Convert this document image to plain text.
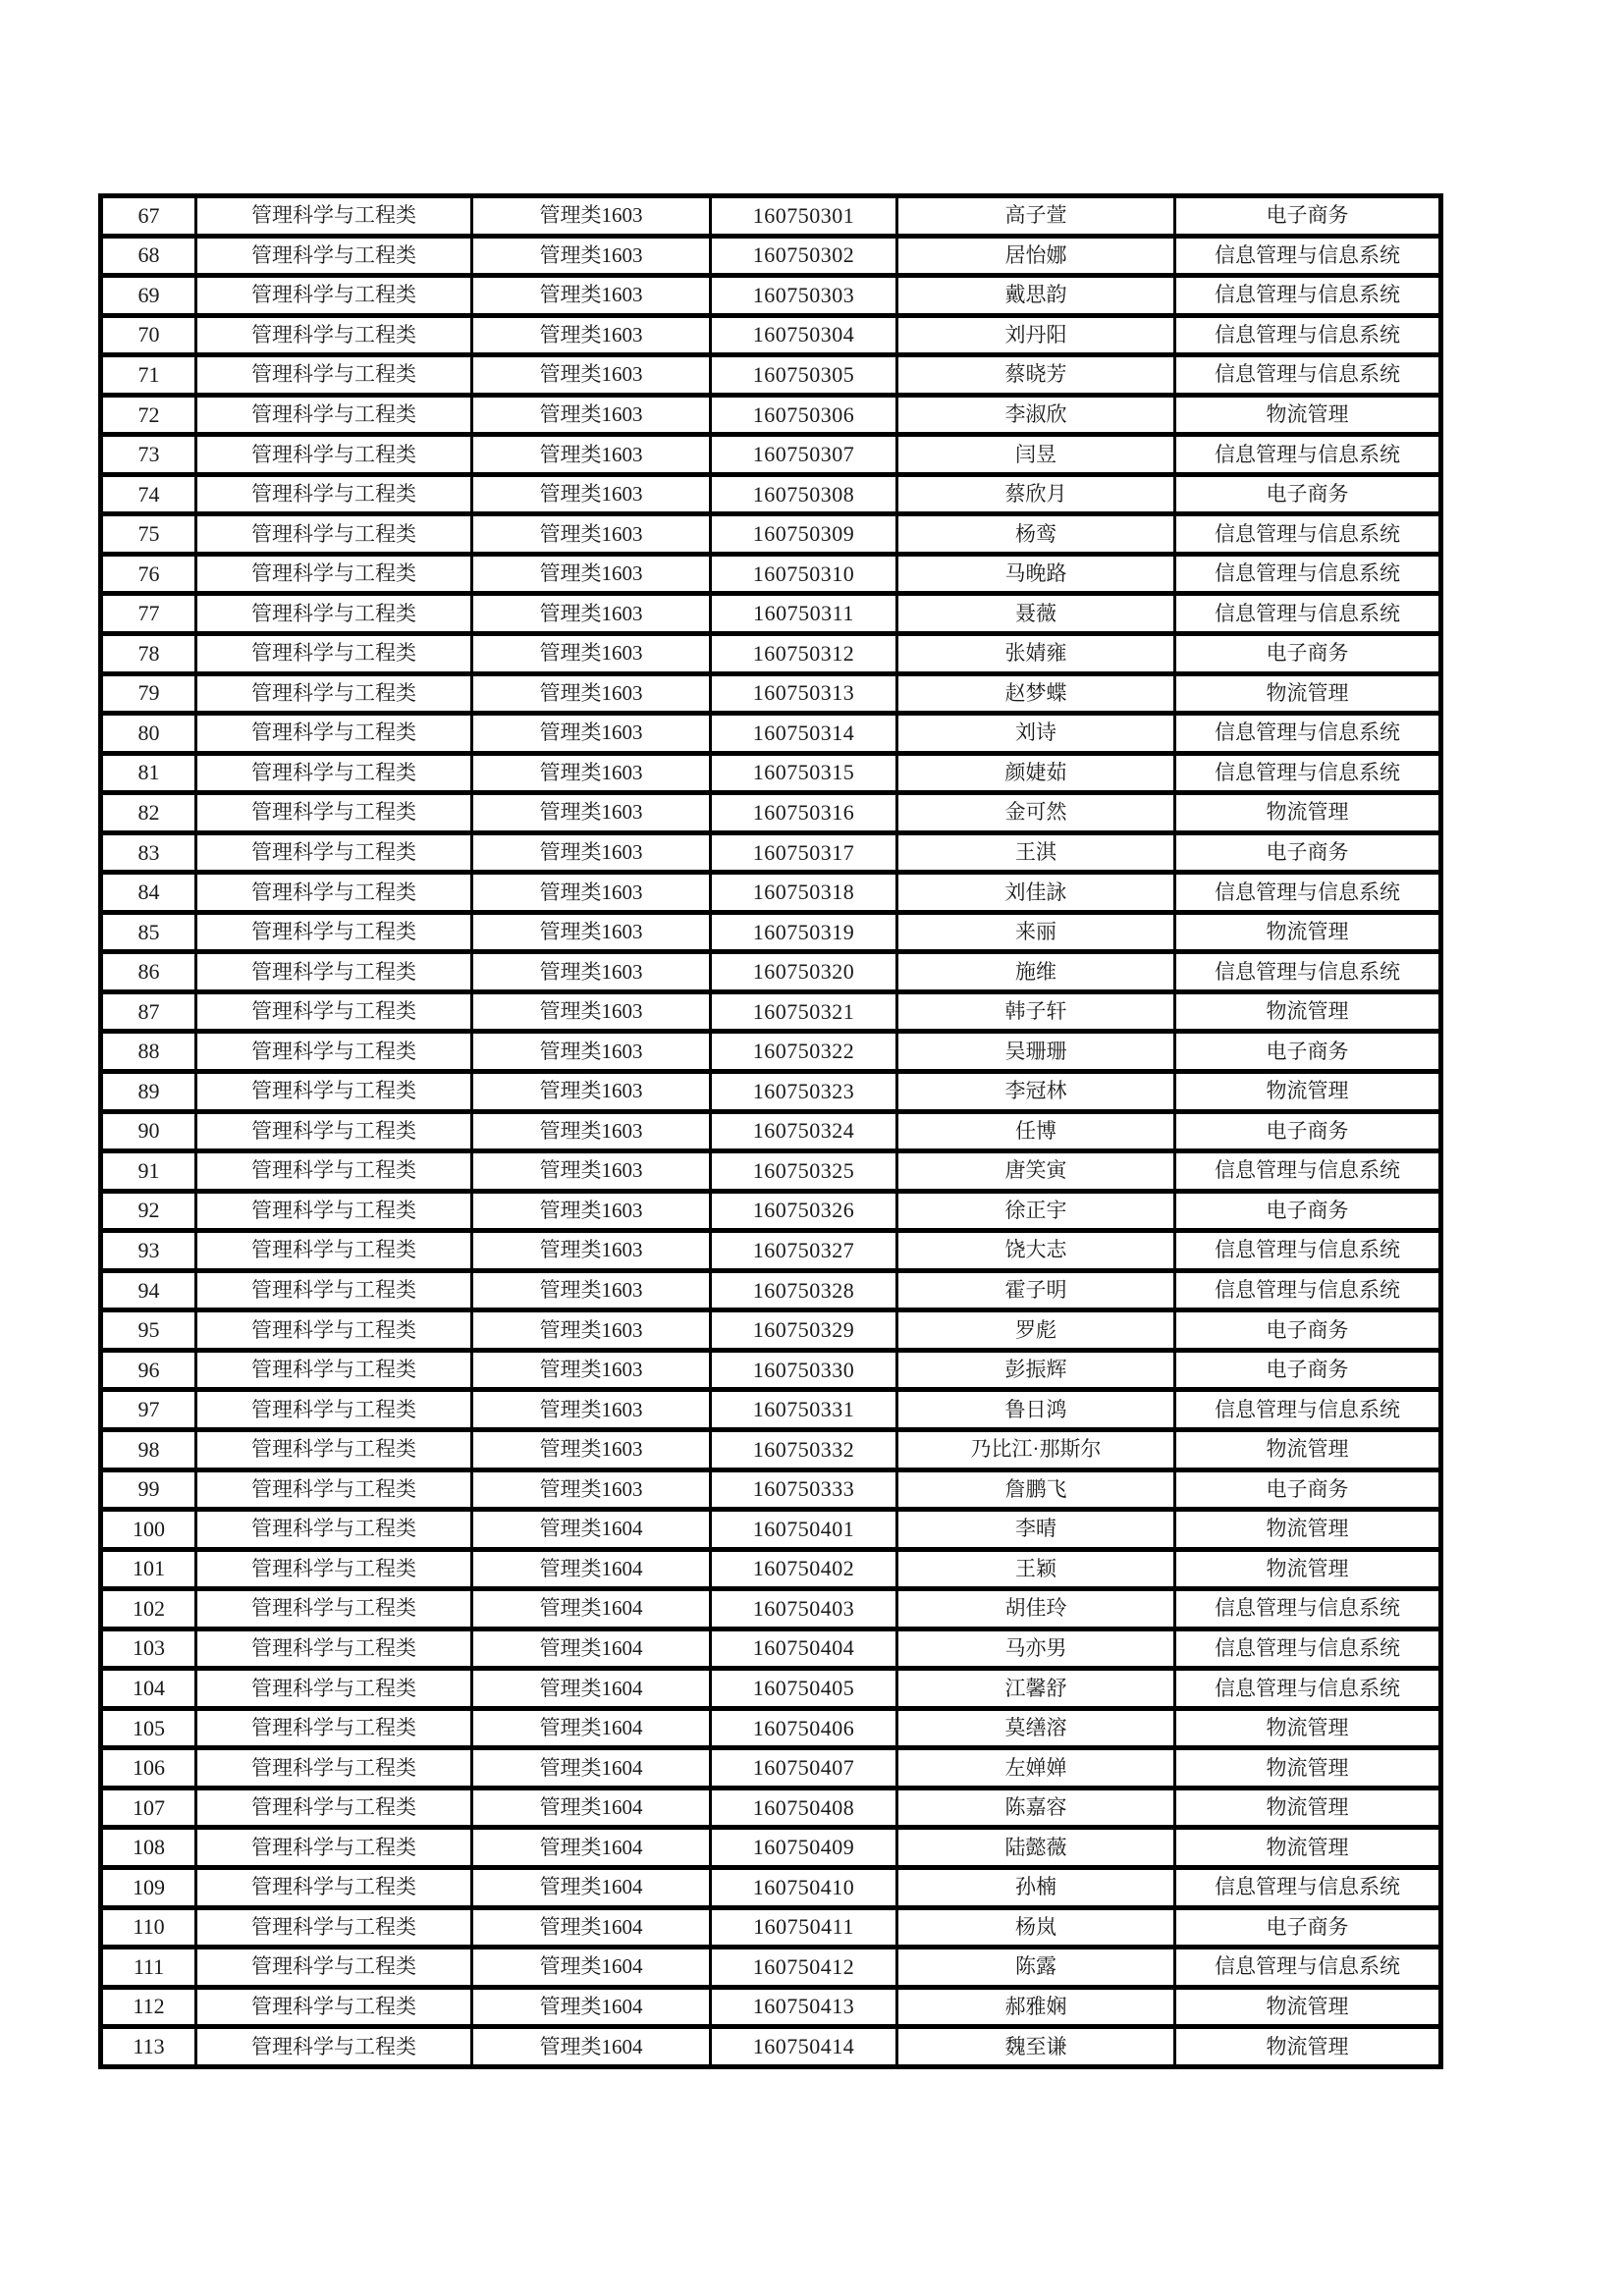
67	管理科学与工程类	管理类1603	160750301	高子萱	电子商务
68	管理科学与工程类	管理类1603	160750302	居怡娜	信息管理与信息系统
69	管理科学与工程类	管理类1603	160750303	戴思韵	信息管理与信息系统
70	管理科学与工程类	管理类1603	160750304	刘丹阳	信息管理与信息系统
71	管理科学与工程类	管理类1603	160750305	蔡晓芳	信息管理与信息系统
72	管理科学与工程类	管理类1603	160750306	李淑欣	物流管理
73	管理科学与工程类	管理类1603	160750307	闫昱	信息管理与信息系统
74	管理科学与工程类	管理类1603	160750308	蔡欣月	电子商务
75	管理科学与工程类	管理类1603	160750309	杨鸾	信息管理与信息系统
76	管理科学与工程类	管理类1603	160750310	马晚路	信息管理与信息系统
77	管理科学与工程类	管理类1603	160750311	聂薇	信息管理与信息系统
78	管理科学与工程类	管理类1603	160750312	张婧雍	电子商务
79	管理科学与工程类	管理类1603	160750313	赵梦蝶	物流管理
80	管理科学与工程类	管理类1603	160750314	刘诗	信息管理与信息系统
81	管理科学与工程类	管理类1603	160750315	颜婕茹	信息管理与信息系统
82	管理科学与工程类	管理类1603	160750316	金可然	物流管理
83	管理科学与工程类	管理类1603	160750317	王淇	电子商务
84	管理科学与工程类	管理类1603	160750318	刘佳詠	信息管理与信息系统
85	管理科学与工程类	管理类1603	160750319	来丽	物流管理
86	管理科学与工程类	管理类1603	160750320	施维	信息管理与信息系统
87	管理科学与工程类	管理类1603	160750321	韩子轩	物流管理
88	管理科学与工程类	管理类1603	160750322	吴珊珊	电子商务
89	管理科学与工程类	管理类1603	160750323	李冠林	物流管理
90	管理科学与工程类	管理类1603	160750324	任博	电子商务
91	管理科学与工程类	管理类1603	160750325	唐笑寅	信息管理与信息系统
92	管理科学与工程类	管理类1603	160750326	徐正宇	电子商务
93	管理科学与工程类	管理类1603	160750327	饶大志	信息管理与信息系统
94	管理科学与工程类	管理类1603	160750328	霍子明	信息管理与信息系统
95	管理科学与工程类	管理类1603	160750329	罗彪	电子商务
96	管理科学与工程类	管理类1603	160750330	彭振辉	电子商务
97	管理科学与工程类	管理类1603	160750331	鲁日鸿	信息管理与信息系统
98	管理科学与工程类	管理类1603	160750332	乃比江·那斯尔	物流管理
99	管理科学与工程类	管理类1603	160750333	詹鹏飞	电子商务
100	管理科学与工程类	管理类1604	160750401	李晴	物流管理
101	管理科学与工程类	管理类1604	160750402	王颖	物流管理
102	管理科学与工程类	管理类1604	160750403	胡佳玲	信息管理与信息系统
103	管理科学与工程类	管理类1604	160750404	马亦男	信息管理与信息系统
104	管理科学与工程类	管理类1604	160750405	江馨舒	信息管理与信息系统
105	管理科学与工程类	管理类1604	160750406	莫缮溶	物流管理
106	管理科学与工程类	管理类1604	160750407	左婵婵	物流管理
107	管理科学与工程类	管理类1604	160750408	陈嘉容	物流管理
108	管理科学与工程类	管理类1604	160750409	陆懿薇	物流管理
109	管理科学与工程类	管理类1604	160750410	孙楠	信息管理与信息系统
110	管理科学与工程类	管理类1604	160750411	杨岚	电子商务
111	管理科学与工程类	管理类1604	160750412	陈露	信息管理与信息系统
112	管理科学与工程类	管理类1604	160750413	郝雅娴	物流管理
113	管理科学与工程类	管理类1604	160750414	魏至谦	物流管理
